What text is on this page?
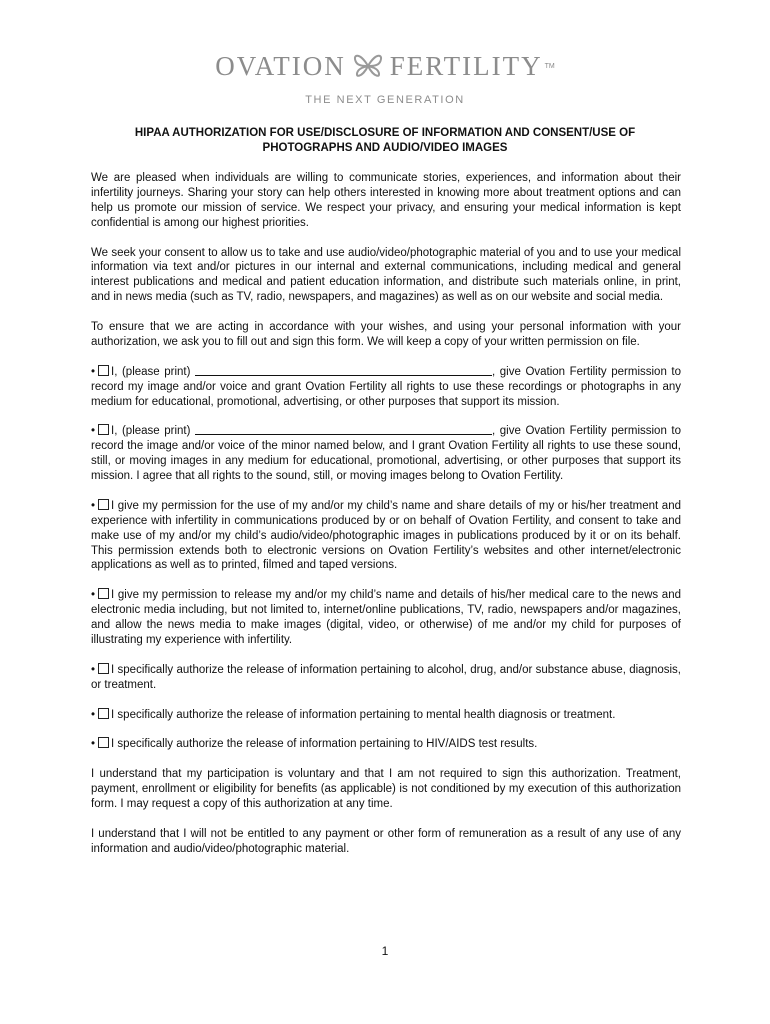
OVATION FERTILITY TM
THE NEXT GENERATION
HIPAA AUTHORIZATION FOR USE/DISCLOSURE OF INFORMATION AND CONSENT/USE OF PHOTOGRAPHS AND AUDIO/VIDEO IMAGES

We are pleased when individuals are willing to communicate stories, experiences, and information about their infertility journeys. Sharing your story can help others interested in knowing more about treatment options and can help us promote our mission of service. We respect your privacy, and ensuring your medical information is kept confidential is among our highest priorities.

We seek your consent to allow us to take and use audio/video/photographic material of you and to use your medical information via text and/or pictures in our internal and external communications, including medical and general interest publications and medical and patient education information, and distribute such materials online, in print, and in news media (such as TV, radio, newspapers, and magazines) as well as on our website and social media.

To ensure that we are acting in accordance with your wishes, and using your personal information with your authorization, we ask you to fill out and sign this form. We will keep a copy of your written permission on file.

• I, (please print)	, give Ovation Fertility permission to record my image and/or voice and grant Ovation Fertility all rights to use these recordings or photographs in any medium for educational, promotional, advertising, or other purposes that support its mission.

• I, (please print)	, give Ovation Fertility permission to record the image and/or voice of the minor named below, and I grant Ovation Fertility all rights to use these sound, still, or moving images in any medium for educational, promotional, advertising, or other purposes that support its mission. I agree that all rights to the sound, still, or moving images belong to Ovation Fertility.

• I give my permission for the use of my and/or my child’s name and share details of my or his/her treatment and experience with infertility in communications produced by or on behalf of Ovation Fertility, and consent to take and make use of my and/or my child’s audio/video/photographic images in publications produced by it or on its behalf. This permission extends both to electronic versions on Ovation Fertility’s websites and other internet/electronic applications as well as to printed, filmed and taped versions.

• I give my permission to release my and/or my child’s name and details of his/her medical care to the news and electronic media including, but not limited to, internet/online publications, TV, radio, newspapers and/or magazines, and allow the news media to make images (digital, video, or otherwise) of me and/or my child for purposes of illustrating my experience with infertility.

• I specifically authorize the release of information pertaining to alcohol, drug, and/or substance abuse, diagnosis, or treatment.

• I specifically authorize the release of information pertaining to mental health diagnosis or treatment.

• I specifically authorize the release of information pertaining to HIV/AIDS test results.

I understand that my participation is voluntary and that I am not required to sign this authorization. Treatment, payment, enrollment or eligibility for benefits (as applicable) is not conditioned by my execution of this authorization form. I may request a copy of this authorization at any time.

I understand that I will not be entitled to any payment or other form of remuneration as a result of any use of any information and audio/video/photographic material.

1
